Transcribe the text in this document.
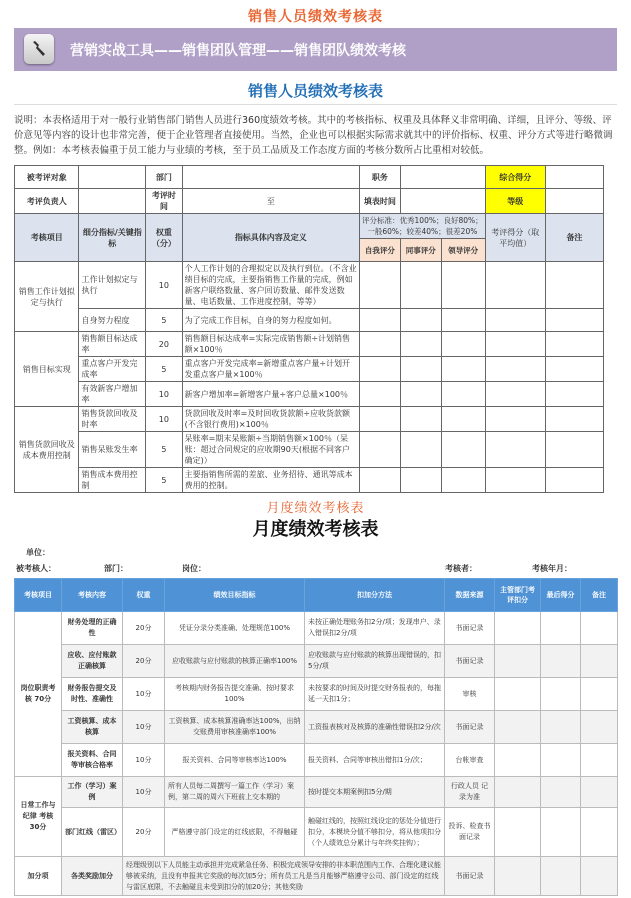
销售人员绩效考核表
营销实战工具——销售团队管理——销售团队绩效考核
销售人员绩效考核表
说明：本表格适用于对一般行业销售部门销售人员进行360度绩效考核。其中的考核指标、权重及具体释义非常明确、详细，且评分、等级、评价意见等内容的设计也非常完善，便于企业管理者直接使用。当然，企业也可以根据实际需求就其中的评价指标、权重、评分方式等进行略微调整。例如：本考核表偏重于员工能力与业绩的考核，至于员工品质及工作态度方面的考核分数所占比重相对较低。
被考评对象		部门		职务			综合得分	
考评负责人		考评时间	至	填表时间			等级	
考核项目	细分指标/关键指标	权重（分）	指标具体内容及定义	评分标准：优秀100%；良好80%；一般60%；较差40%；很差20%			考评得分（取平均值）	备注
				自我评分	同事评分	领导评分		
销售工作计划拟定与执行	工作计划拟定与执行	10	个人工作计划的合理拟定以及执行到位。（不含业绩目标的完成，主要指销售工作量的完成，例如新客户联络数量、客户回访数量、邮件发送数量、电话数量、工作进度控制，等等）					
	自身努力程度	5	为了完成工作目标，自身的努力程度如何。					
销售目标实现	销售额目标达成率	20	销售额目标达成率=实际完成销售额÷计划销售额×100％					
	重点客户开发完成率	5	重点客户开发完成率=新增重点客户量÷计划开发重点客户量×100％					
	有效新客户增加率	10	新客户增加率=新增客户量÷客户总量×100％					
销售货款回收及成本费用控制	销售货款回收及时率	10	货款回收及时率=及时回收货款额÷应收货款额(不含银行费用)×100％					
	销售呆账发生率	5	呆账率=期末呆账额÷当期销售额×100％（呆账：超过合同规定的应收期90天(根据不同客户确定)）					
	销售成本费用控制	5	主要指销售所需的差旅、业务招待、通讯等成本费用的控制。					
月度绩效考核表
月度绩效考核表
单位：
被考核人：	部门：	岗位：	考核者：	考核年月：
考核项目	考核内容	权重	绩效目标指标	扣加分方法	数据来源	主管部门考评扣分	最后得分	备注
岗位职责考核 70分	财务处理的正确性	20分	凭证分录分类准确、处理规范100%	未按正确处理账务扣2分/项；发现串户、录入错误扣2分/项	书面记录			
	应收、应付账款正确核算	20分	应收账款与应付账款的核算正确率100%	应收账款与应付账款的核算出现错误的，扣5分/项	书面记录			
	财务报告提交及时性、准确性	10分	考核期内财务报告提交准确、按时要求100%	未按要求的时间及时提交财务报表的，每拖延一天扣1分；	审核			
	工资核算、成本核算	10分	工资核算、成本核算准确率达100%，出纳交账费用审核准确率100%	工资报表核对及核算的准确性错误扣2分/次	书面记录			
	报关资料、合同等审核合格率	10分	报关资料、合同等审核率达100%	报关资料、合同等审核出错扣1分/次；	台帐审查			
日常工作与纪律 考核30分	工作（学习）案例	10分	所有人员每二周撰写一篇工作（学习）案例，第二周的周六下班前上交本期的	按时提交本期案例扣5分/期	行政人员 记录为准			
	部门红线（雷区）	20分	严格遵守部门设定的红线底限，不得触碰	触碰红线的，按照红线设定的惩处分值进行扣分，本模块分值不够扣分，将从他项扣分（个人绩效总分累计与年终奖挂钩）；	投诉、检查书面记录			
加分项	各类奖励加分	经理级别以下人员能主动承担并完成紧急任务、积极完成领导安排的非本职范围内工作、合理化建议能够被采纳，且没有申报其它奖励的每次加5分；所有员工凡是当月能够严格遵守公司、部门设定的红线与雷区底限，不去触碰且未受到扣分的加20分；其他奖励			书面记录			
